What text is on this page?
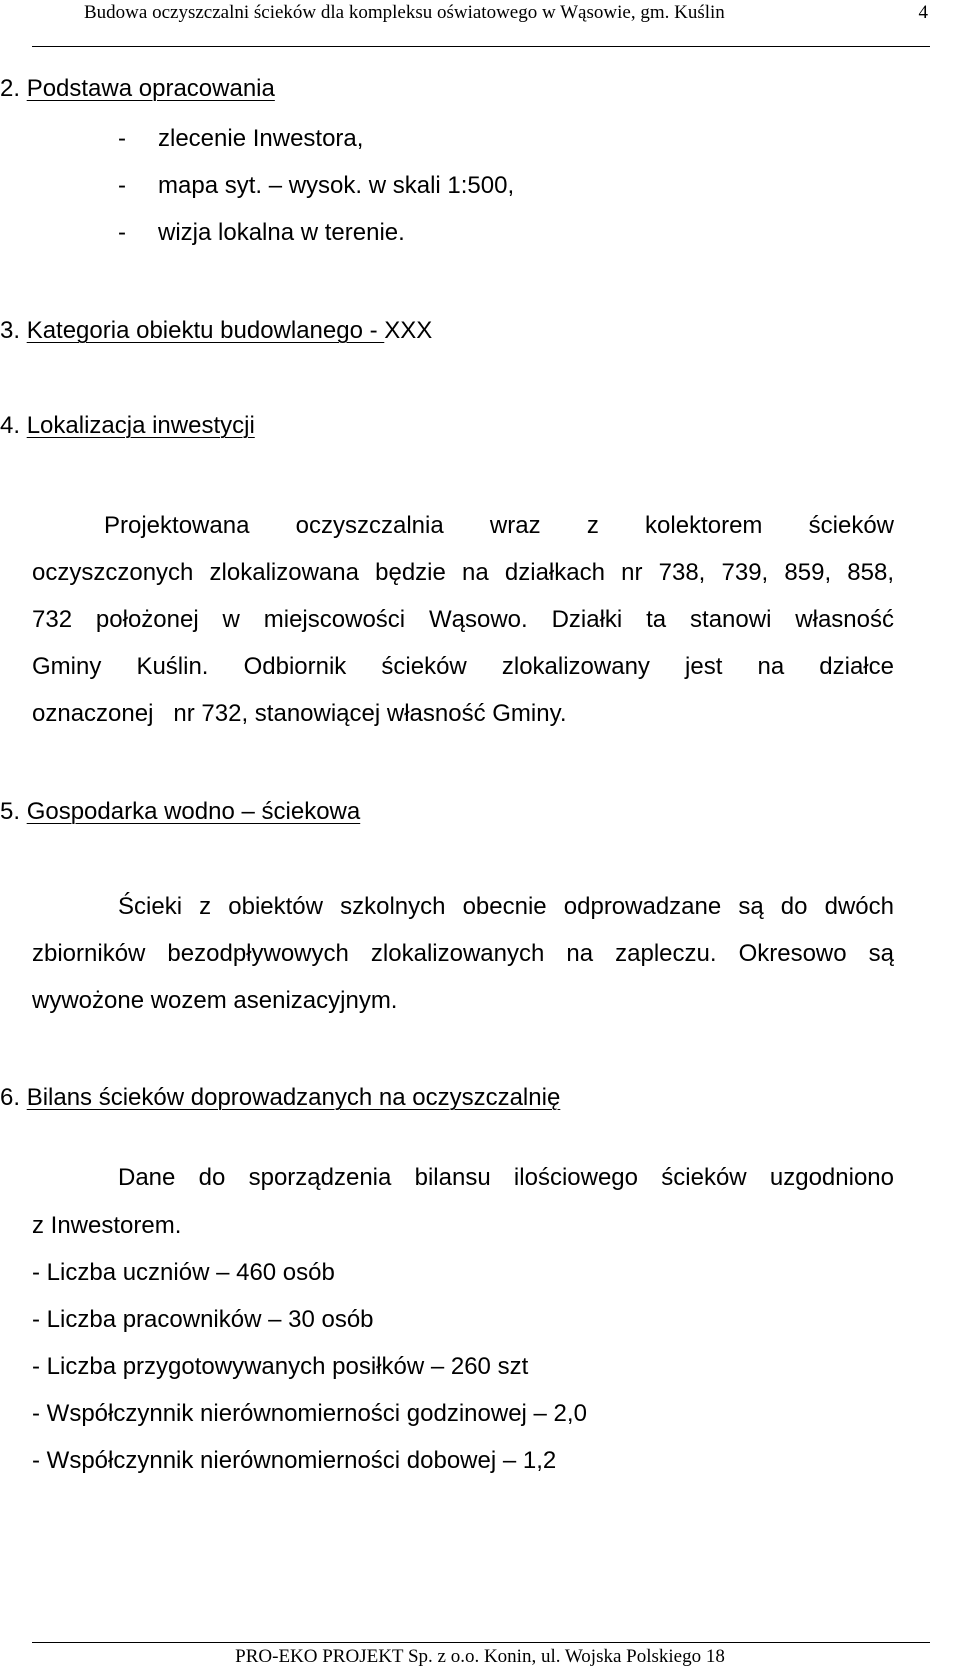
Budowa oczyszczalni ścieków dla kompleksu oświatowego w Wąsowie, gm. Kuślin	4
2. Podstawa opracowania
- zlecenie Inwestora,
- mapa syt. – wysok. w skali 1:500,
- wizja lokalna w terenie.
3. Kategoria obiektu budowlanego - XXX
4. Lokalizacja inwestycji
Projektowana oczyszczalnia wraz z kolektorem ścieków
oczyszczonych zlokalizowana będzie na działkach nr 738, 739, 859, 858,
732 położonej w miejscowości Wąsowo. Działki ta stanowi własność
Gminy Kuślin. Odbiornik ścieków zlokalizowany jest na działce
oznaczonej   nr 732, stanowiącej własność Gminy.
5. Gospodarka wodno – ściekowa
Ścieki z obiektów szkolnych obecnie odprowadzane są do dwóch
zbiorników bezodpływowych zlokalizowanych na zapleczu. Okresowo są
wywożone wozem asenizacyjnym.
6. Bilans ścieków doprowadzanych na oczyszczalnię
Dane do sporządzenia bilansu ilościowego ścieków uzgodniono
z Inwestorem.
- Liczba uczniów – 460 osób
- Liczba pracowników – 30 osób
- Liczba przygotowywanych posiłków – 260 szt
- Współczynnik nierównomierności godzinowej – 2,0
- Współczynnik nierównomierności dobowej – 1,2
PRO-EKO PROJEKT Sp. z o.o. Konin, ul. Wojska Polskiego 18
